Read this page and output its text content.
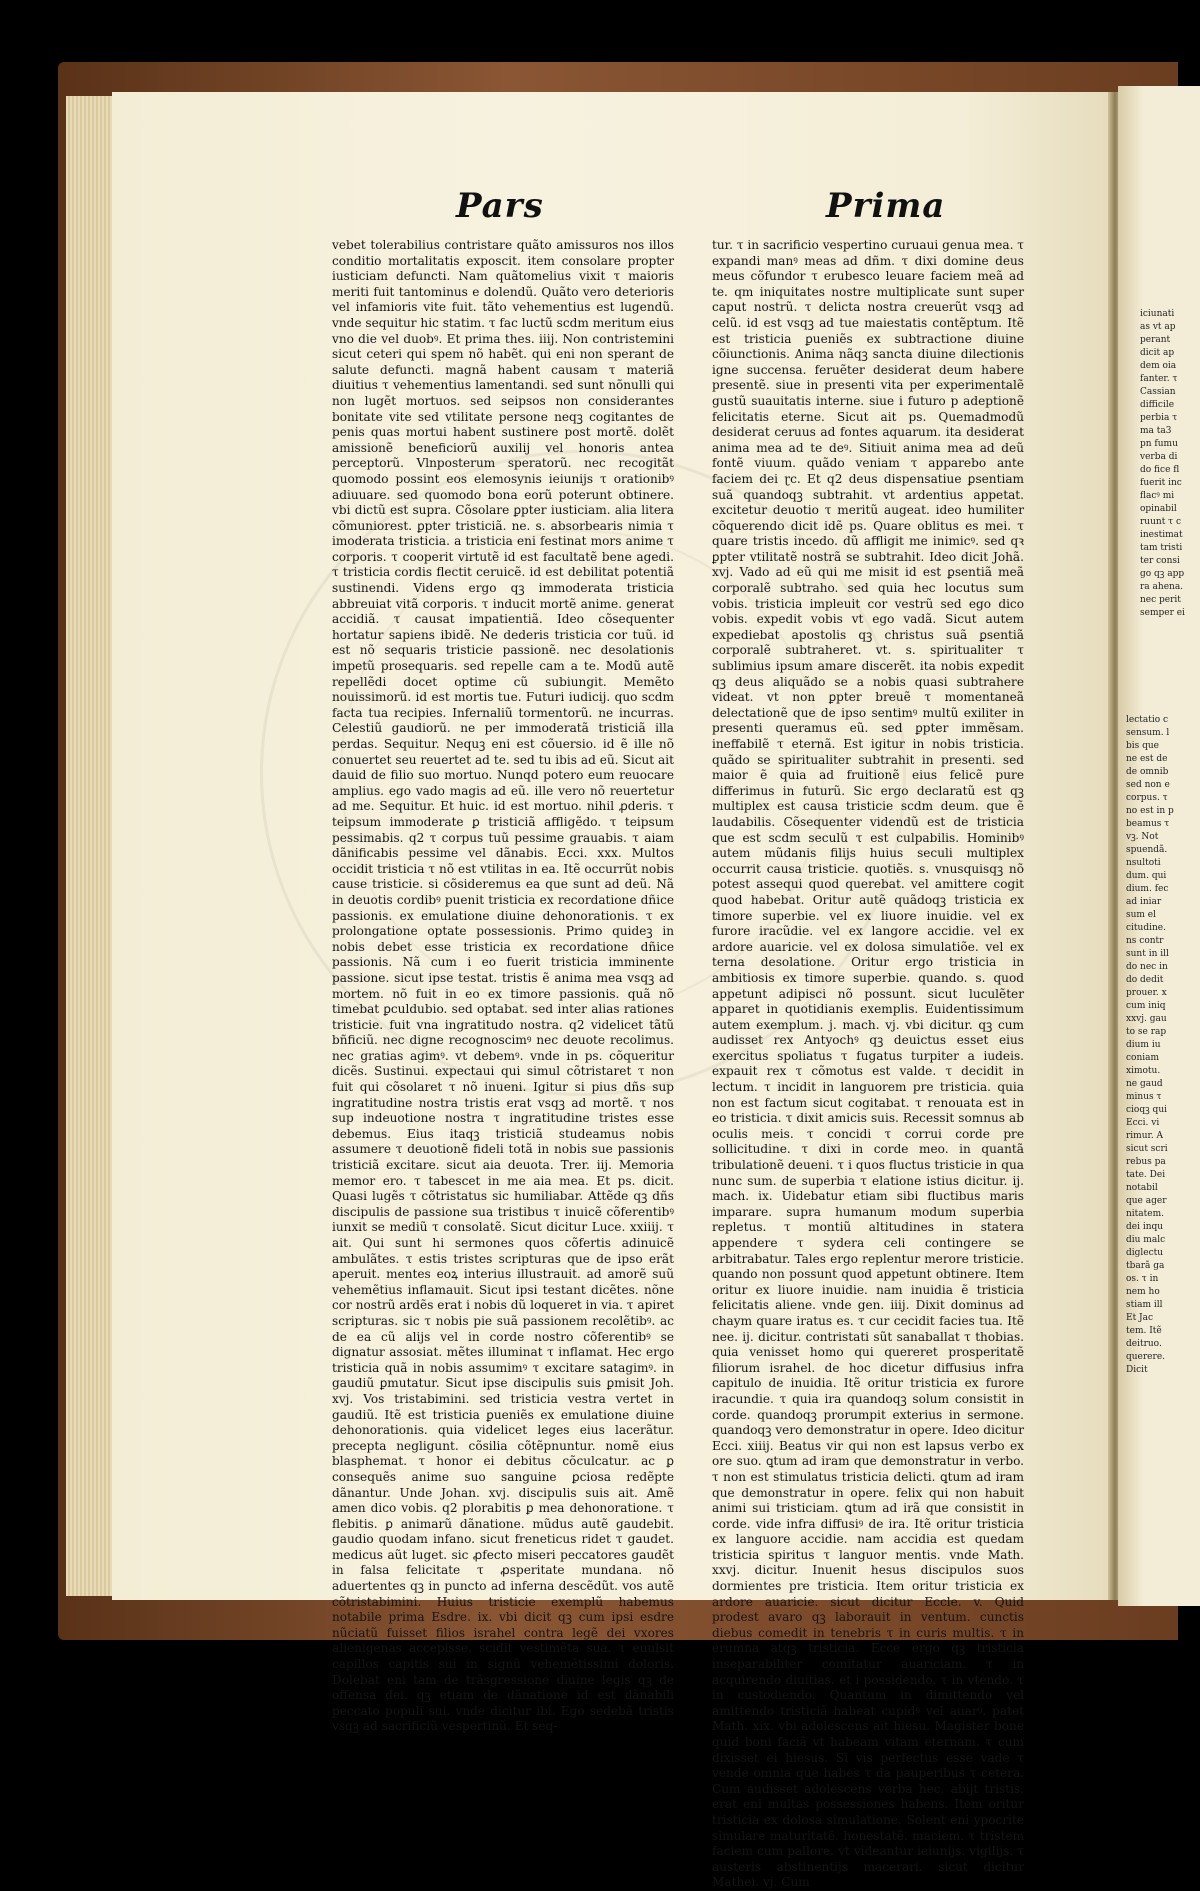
iciunati
as vt ap
perant
dicit ap
dem oia
fanter. τ
Cassian
difficile
perbia τ
ma ta3
pn fumu
verba di
do fice fl
fuerit inc
flacꝰ mi
opinabil
ruunt τ c
inestimat
tam tristi
ter consi
go qꝫ app
ra ahena.
nec perit
semper ei
lectatio c
sensum. l
bis que
ne est de
de omnib
sed non e
corpus. τ
no est in p
beamus τ
vꝫ. Not
spuendã.
nsultoti
dum. qui
dium. fec
ad iniar
sum el
citudine.
ns contr
sunt in ill
do nec in
do dedit
prouer. x
cum iniq
xxvj. gau
to se rap
dium iu
coniam
ximotu.
ne gaud
minus τ
cioqꝫ qui
Ecci. vi
rimur. A
sicut scri
rebus pa
tate. Dei
notabil
que ager
nitatem.
dei inqu
diu malc
diglectu
tbarã ga
os. τ in
nem ho
stiam ill
Et Jac
tem. Itẽ
deitruo.
querere.
Dicit
Pars	Prima

vebet tolerabilius contristare quãto amissuros nos illos conditio mortalitatis exposcit. item consolare propter iusticiam defuncti. Nam quãtomelius vixit τ maioris meriti fuit tantominus e dolendũ. Quãto vero deterioris vel infamioris vite fuit. tãto vehementius est lugendũ. vnde sequitur hic statim. τ fac luctũ scdm meritum eius vno die vel duobꝰ. Et prima thes. iiij. Non contristemini sicut ceteri qui spem nõ habẽt. qui eni non sperant de salute defuncti. magnã habent causam τ materiã diuitius τ vehementius lamentandi. sed sunt nõnulli qui non lugẽt mortuos. sed seipsos non considerantes bonitate vite sed vtilitate persone neqꝫ cogitantes de penis quas mortui habent sustinere post mortẽ. dolẽt amissionẽ beneficiorũ auxilij vel honoris antea perceptorũ. Vlnposterum speratorũ. nec recogitãt quomodo possint eos elemosynis ieiunijs τ orationibꝰ adiuuare. sed quomodo bona eorũ poterunt obtinere. vbi dictũ est supra. Cõsolare ꝑpter iusticiam. alia litera cõmuniorest. ꝑpter tristiciã. ne. s. absorbearis nimia τ imoderata tristicia. a tristicia eni festinat mors anime τ corporis. τ cooperit virtutẽ id est facultatẽ bene agedi. τ tristicia cordis flectit ceruicẽ. id est debilitat potentiã sustinendi. Videns ergo qꝫ immoderata tristicia abbreuiat vitã corporis. τ inducit mortẽ anime. generat accidiã. τ causat impatientiã. Ideo cõsequenter hortatur sapiens ibidẽ. Ne dederis tristicia cor tuũ. id est nõ sequaris tristicie passionẽ. nec desolationis impetũ prosequaris. sed repelle cam a te. Modũ autẽ repellẽdi docet optime cũ subiungit. Memẽto nouissimorũ. id est mortis tue. Futuri iudicij. quo scdm facta tua recipies. Infernaliũ tormentorũ. ne incurras. Celestiũ gaudiorũ. ne per immoderatã tristiciã illa perdas. Sequitur. Nequꝫ eni est cõuersio. id ẽ ille nõ conuertet seu reuertet ad te. sed tu ibis ad eũ. Sicut ait dauid de filio suo mortuo. Nunqd potero eum reuocare amplius. ego vado magis ad eũ. ille vero nõ reuertetur ad me. Sequitur. Et huic. id est mortuo. nihil ꝓderis. τ teipsum immoderate ꝑ tristiciã affligẽdo. τ teipsum pessimabis. q2 τ corpus tuũ pessime grauabis. τ aiam dãnificabis pessime vel dãnabis. Ecci. xxx. Multos occidit tristicia τ nõ est vtilitas in ea. Itẽ occurrũt nobis cause tristicie. si cõsideremus ea que sunt ad deũ. Nã in deuotis cordibꝰ puenit tristicia ex recordatione dñice passionis. ex emulatione diuine dehonorationis. τ ex prolongatione optate possessionis. Primo quideꝫ in nobis debet esse tristicia ex recordatione dñice passionis. Nã cum i eo fuerit tristicia imminente passione. sicut ipse testat. tristis ẽ anima mea vsqꝫ ad mortem. nõ fuit in eo ex timore passionis. quã nõ timebat ꝑculdubio. sed optabat. sed inter alias rationes tristicie. fuit vna ingratitudo nostra. q2 videlicet tãtũ bñficiũ. nec digne recognoscimꝰ nec deuote recolimus. nec gratias agimꝰ. vt debemꝰ. vnde in ps. cõqueritur dicẽs. Sustinui. expectaui qui simul cõtristaret τ non fuit qui cõsolaret τ nõ inueni. Igitur si pius dñs sup ingratitudine nostra tristis erat vsqꝫ ad mortẽ. τ nos sup indeuotione nostra τ ingratitudine tristes esse debemus. Eius itaqꝫ tristiciã studeamus nobis assumere τ deuotionẽ fideli totã in nobis sue passionis tristiciã excitare. sicut aia deuota. Trer. iij. Memoria memor ero. τ tabescet in me aia mea. Et ps. dicit. Quasi lugẽs τ cõtristatus sic humiliabar. Attẽde qꝫ dñs discipulis de passione sua tristibus τ inuicẽ cõferentibꝰ iunxit se mediũ τ consolatẽ. Sicut dicitur Luce. xxiiij. τ ait. Qui sunt hi sermones quos cõfertis adinuicẽ ambulãtes. τ estis tristes scripturas que de ipso erãt aperuit. mentes eoꝝ interius illustrauit. ad amorẽ suũ vehemẽtius inflamauit. Sicut ipsi testant dicẽtes. nõne cor nostrũ ardẽs erat i nobis dũ loqueret in via. τ apiret scripturas. sic τ nobis pie suã passionem recolẽtibꝰ. ac de ea cũ alijs vel in corde nostro cõferentibꝰ se dignatur assosiat. mẽtes illuminat τ inflamat. Hec ergo tristicia quã in nobis assumimꝰ τ excitare satagimꝰ. in gaudiũ ꝑmutatur. Sicut ipse discipulis suis ꝑmisit Joh. xvj. Vos tristabimini. sed tristicia vestra vertet in gaudiũ. Itẽ est tristicia ꝑueniẽs ex emulatione diuine dehonorationis. quia videlicet leges eius lacerãtur. precepta negligunt. cõsilia cõtẽpnuntur. nomẽ eius blasphemat. τ honor ei debitus cõculcatur. ac ꝑ consequẽs anime suo sanguine ꝑciosa redẽpte dãnantur. Unde Johan. xvj. discipulis suis ait. Amẽ amen dico vobis. q2 plorabitis ꝑ mea dehonoratione. τ flebitis. ꝑ animarũ dãnatione. mũdus autẽ gaudebit. gaudio quodam infano. sicut freneticus ridet τ gaudet. medicus aũt luget. sic ꝓfecto miseri peccatores gaudẽt in falsa felicitate τ ꝓsperitate mundana. nõ aduertentes qꝫ in puncto ad inferna descẽdũt. vos autẽ cõtristabimini. Huius tristicie exemplũ habemus notabile prima Esdre. ix. vbi dicit qꝫ cum ipsi esdre nũciatũ fuisset filios israhel contra legẽ dei vxores alienigenas accepisse. scidit vestimẽta sua. τ euulsit capillos capitis sui in signũ vehemẽtissimi doloris. Dolebat eni tam de trãsgressione diuine legis qꝫ de offensa dei. qꝫ etiam de dãnatione id est dãnabili peccato populi sui. vnde dicitur ibi. Ego sedebã tristis vsqꝫ ad sacrificiũ vespertinũ. Et seq-

tur. τ in sacrificio vespertino curuaui genua mea. τ expandi manꝰ meas ad dñm. τ dixi domine deus meus cõfundor τ erubesco leuare faciem meã ad te. qm iniquitates nostre multiplicate sunt super caput nostrũ. τ delicta nostra creuerũt vsqꝫ ad celũ. id est vsqꝫ ad tue maiestatis contẽptum. Itẽ est tristicia ꝑueniẽs ex subtractione diuine cõiunctionis. Anima nãqꝫ sancta diuine dilectionis igne succensa. feruẽter desiderat deum habere presentẽ. siue in presenti vita per experimentalẽ gustũ suauitatis interne. siue i futuro p adeptionẽ felicitatis eterne. Sicut ait ps. Quemadmodũ desiderat ceruus ad fontes aquarum. ita desiderat anima mea ad te deꝰ. Sitiuit anima mea ad deũ fontẽ viuum. quãdo veniam τ apparebo ante faciem dei ɽc. Et q2 deus dispensatiue ꝑsentiam suã quandoqꝫ subtrahit. vt ardentius appetat. excitetur deuotio τ meritũ augeat. ideo humiliter cõquerendo dicit idẽ ps. Quare oblitus es mei. τ quare tristis incedo. dũ affligit me inimicꝰ. sed qꝛ ꝑpter vtilitatẽ nostrã se subtrahit. Ideo dicit Johã. xvj. Vado ad eũ qui me misit id est ꝑsentiã meã corporalẽ subtraho. sed quia hec locutus sum vobis. tristicia impleuit cor vestrũ sed ego dico vobis. expedit vobis vt ego vadã. Sicut autem expediebat apostolis qꝫ christus suã ꝑsentiã corporalẽ subtraheret. vt. s. spiritualiter τ sublimius ipsum amare discerẽt. ita nobis expedit qꝫ deus aliquãdo se a nobis quasi subtrahere videat. vt non ꝑpter breuẽ τ momentaneã delectationẽ que de ipso sentimꝰ multũ exiliter in presenti queramus eũ. sed ꝑpter immẽsam. ineffabilẽ τ eternã. Est igitur in nobis tristicia. quãdo se spiritualiter subtrahit in presenti. sed maior ẽ quia ad fruitionẽ eius felicẽ pure differimus in futurũ. Sic ergo declaratũ est qꝫ multiplex est causa tristicie scdm deum. que ẽ laudabilis. Cõsequenter videndũ est de tristicia que est scdm seculũ τ est culpabilis. Hominibꝰ autem mũdanis filijs huius seculi multiplex occurrit causa tristicie. quotiẽs. s. vnusquisqꝫ nõ potest assequi quod querebat. vel amittere cogit quod habebat. Oritur autẽ quãdoqꝫ tristicia ex timore superbie. vel ex liuore inuidie. vel ex furore iracũdie. vel ex langore accidie. vel ex ardore auaricie. vel ex dolosa simulatiõe. vel ex terna desolatione. Oritur ergo tristicia in ambitiosis ex timore superbie. quando. s. quod appetunt adipisci nõ possunt. sicut luculẽter apparet in quotidianis exemplis. Euidentissimum autem exemplum. j. mach. vj. vbi dicitur. qꝫ cum audisset rex Antyochꝰ qꝫ deuictus esset eius exercitus spoliatus τ fugatus turpiter a iudeis. expauit rex τ cõmotus est valde. τ decidit in lectum. τ incidit in languorem pre tristicia. quia non est factum sicut cogitabat. τ renouata est in eo tristicia. τ dixit amicis suis. Recessit somnus ab oculis meis. τ concidi τ corrui corde pre sollicitudine. τ dixi in corde meo. in quantã tribulationẽ deueni. τ i quos fluctus tristicie in qua nunc sum. de superbia τ elatione istius dicitur. ij. mach. ix. Uidebatur etiam sibi fluctibus maris imparare. supra humanum modum superbia repletus. τ montiũ altitudines in statera appendere τ sydera celi contingere se arbitrabatur. Tales ergo replentur merore tristicie. quando non possunt quod appetunt obtinere. Item oritur ex liuore inuidie. nam inuidia ẽ tristicia felicitatis aliene. vnde gen. iiij. Dixit dominus ad chaym quare iratus es. τ cur cecidit facies tua. Itẽ nee. ij. dicitur. contristati sũt sanaballat τ thobias. quia venisset homo qui quereret prosperitatẽ filiorum israhel. de hoc dicetur diffusius infra capitulo de inuidia. Itẽ oritur tristicia ex furore iracundie. τ quia ira quandoqꝫ solum consistit in corde. quandoqꝫ prorumpit exterius in sermone. quandoqꝫ vero demonstratur in opere. Ideo dicitur Ecci. xiiij. Beatus vir qui non est lapsus verbo ex ore suo. ꝗtum ad iram que demonstratur in verbo. τ non est stimulatus tristicia delicti. ꝗtum ad iram que demonstratur in opere. felix qui non habuit animi sui tristiciam. ꝗtum ad irã que consistit in corde. vide infra diffusiꝰ de ira. Itẽ oritur tristicia ex languore accidie. nam accidia est quedam tristicia spiritus τ languor mentis. vnde Math. xxvj. dicitur. Inuenit hesus discipulos suos dormientes pre tristicia. Item oritur tristicia ex ardore auaricie. sicut dicitur Eccle. v. Quid prodest avaro qꝫ laborauit in ventum. cunctis diebus comedit in tenebris τ in curis multis. τ in erumna atqꝫ tristicia. Ecce ergo qꝫ tristicia inseparabiliter comitatur auariciam. τ in acquirendo diuitias. et i possidendo. τ in vtendo. τ in custodiendo. Quantum in dimittendo vel amittendo tristiciã habeat cupidꝰ vel auarꝰ. patet Math. xix. vbi adolescens ait hiesu. Magister bone quid boni faciã vt habeam vitam eternam. τ cum dixisset ei hiesus. Si vis perfectus esse vade τ vende omnia que habes τ da pauperibus τ cetera. Cum audisset adolescens verba hec. abijt tristis. erat eni multas possessiones habens. Item oritur tristicia ex dolosa simulatione. Solent eni ypocrite simulare maturitatẽ. honestatẽ. maciem. τ tristem faciem cum pallore. vt videantur ieiunijs. vigilijs. τ austeris abstinentijs macerari. sicut dicitur Mathei. vj. Cum
